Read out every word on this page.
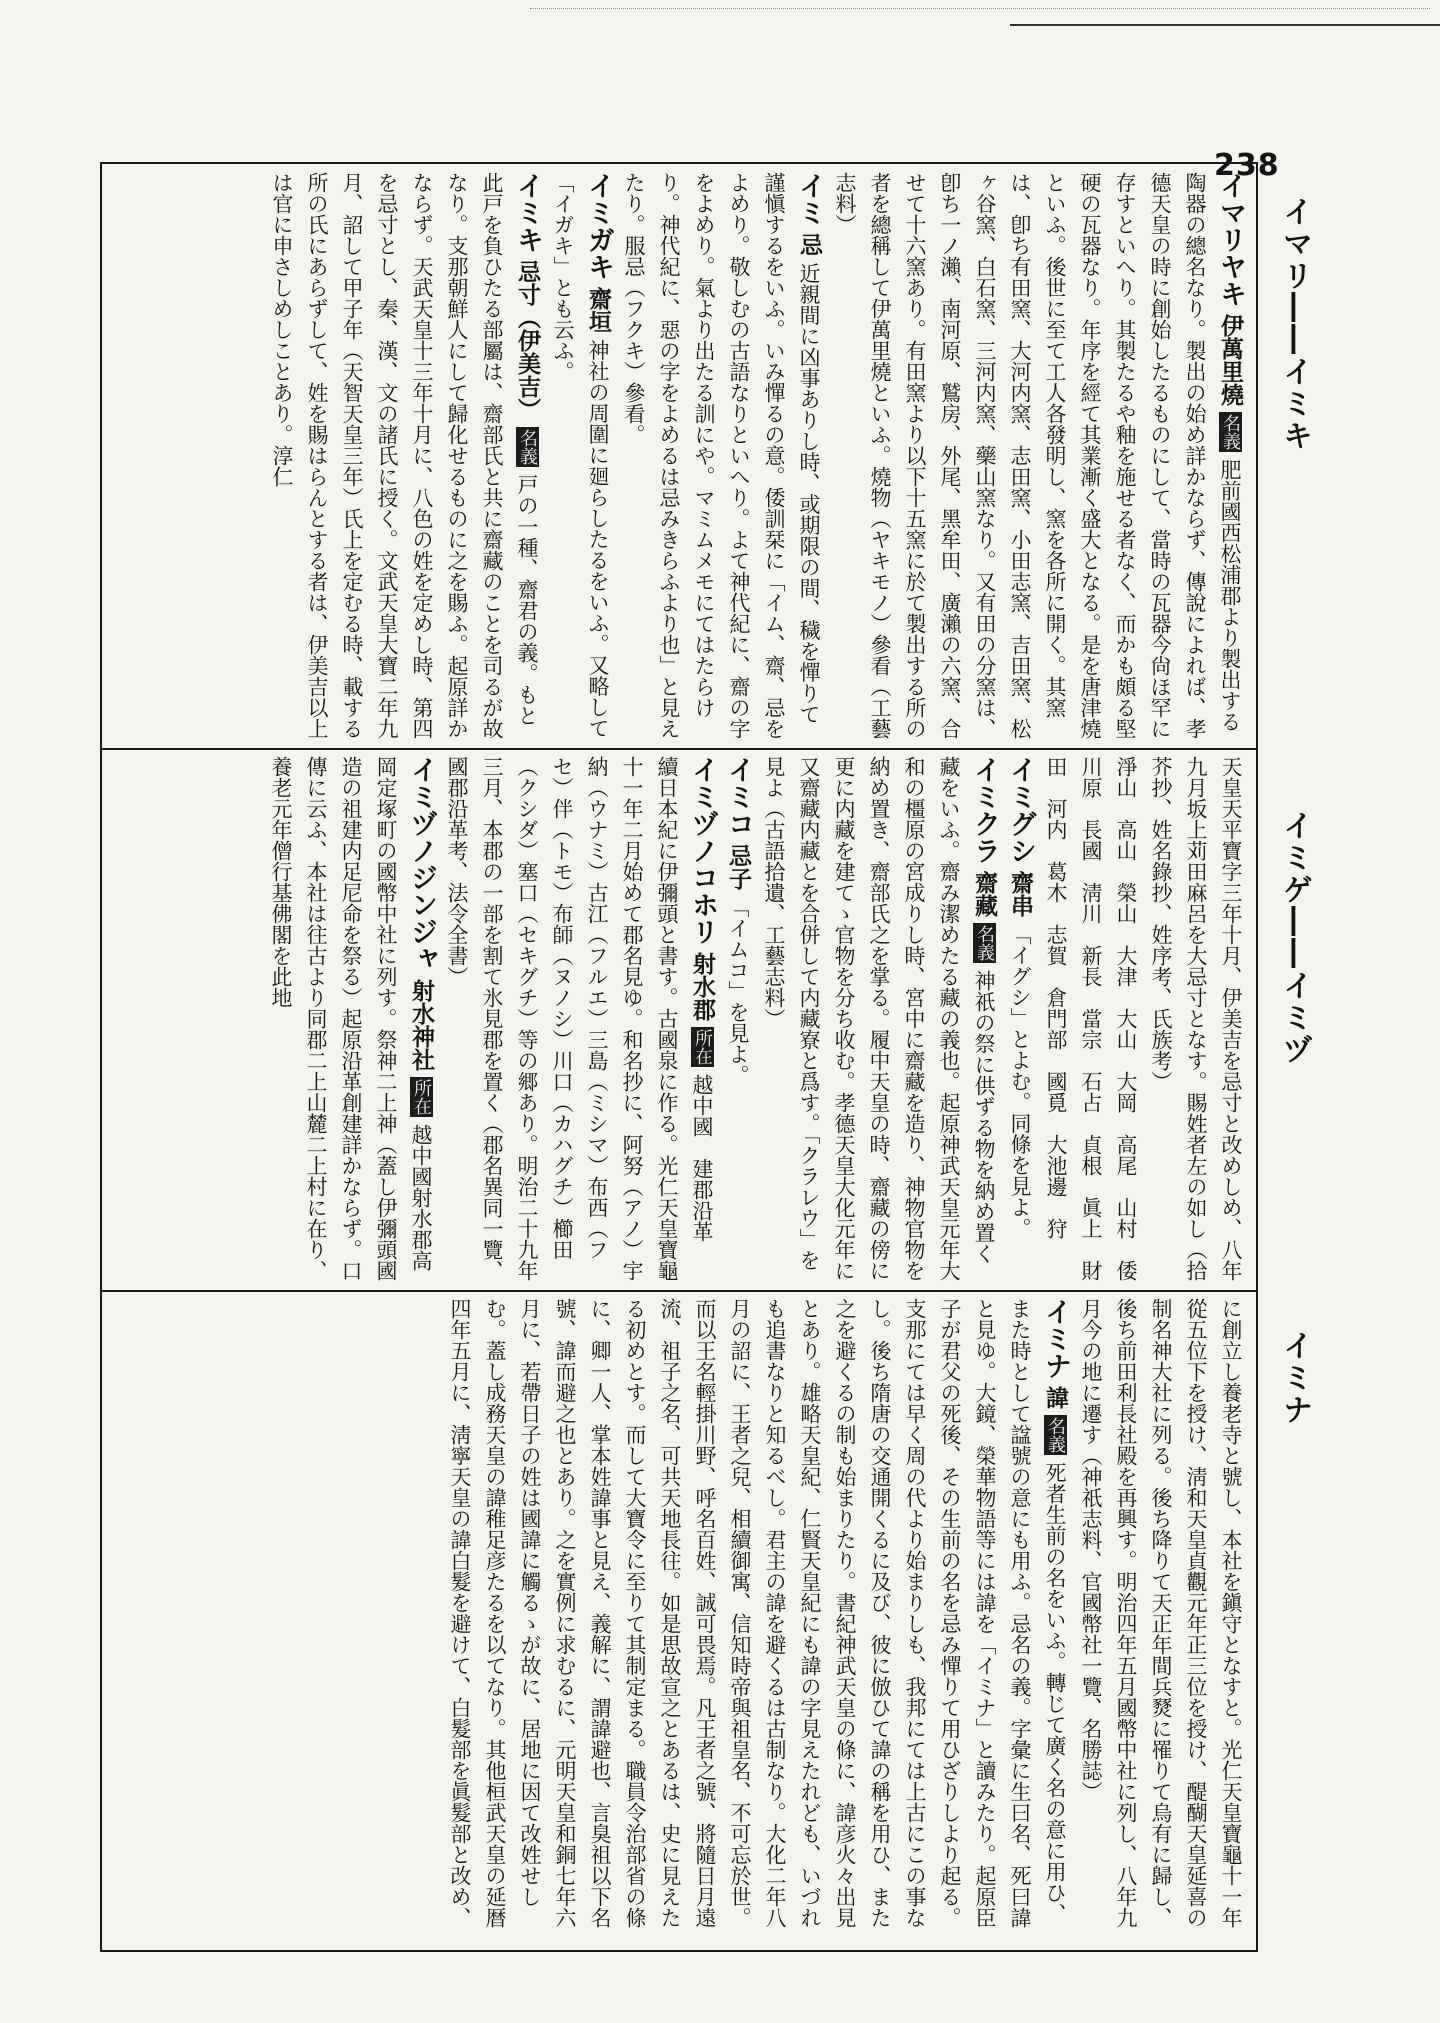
238
イマリ――イミキ
イミゲ――イミヅ
イミナ
イマリヤキ 伊萬里燒 名義 肥前國西松浦郡より製出する陶器の總名なり。製出の始め詳かならず、傳說によれば、孝德天皇の時に創始したるものにして、當時の瓦器今尙ほ罕に存すといへり。其製たるや釉を施せる者なく、而かも頗る堅硬の瓦器なり。年序を經て其業漸く盛大となる。是を唐津燒といふ。後世に至て工人各發明し、窯を各所に開く。其窯は、卽ち有田窯、大河内窯、志田窯、小田志窯、吉田窯、松ヶ谷窯、白石窯、三河内窯、藥山窯なり。又有田の分窯は、卽ち一ノ瀨、南河原、鷲房、外尾、黑牟田、廣瀨の六窯、合せて十六窯あり。有田窯より以下十五窯に於て製出する所の者を總稱して伊萬里燒といふ。燒物（ヤキモノ）參看（工藝志料）
イミ 忌 近親間に凶事ありし時、或期限の間、穢を憚りて謹愼するをいふ。いみ憚るの意。倭訓栞に「イム、齋、忌をよめり。敬しむの古語なりといへり。よて神代紀に、齋の字をよめり。氣より出たる訓にや。マミムメモにてはたらけり。神代紀に、惡の字をよめるは忌みきらふより也」と見えたり。服忌（フクキ）參看。
イミガキ 齋垣 神社の周圍に廻らしたるをいふ。又略して「イガキ」とも云ふ。
イミキ 忌寸（伊美吉） 名義 戸の一種、齋君の義。もと此戸を負ひたる部屬は、齋部氏と共に齋藏のことを司るが故なり。支那朝鮮人にして歸化せるものに之を賜ふ。起原詳かならず。天武天皇十三年十月に、八色の姓を定めし時、第四を忌寸とし、秦、漢、文の諸氏に授く。文武天皇大寶二年九月、詔して甲子年（天智天皇三年）氏上を定むる時、載する所の氏にあらずして、姓を賜はらんとする者は、伊美吉以上は官に申さしめしことあり。淳仁
天皇天平寶字三年十月、伊美吉を忌寸と改めしめ、八年九月坂上苅田麻呂を大忌寸となす。賜姓者左の如し（拾芥抄、姓名錄抄、姓序考、氏族考）
淨山　高山　榮山　大津　大山　大岡　高尾　山村　倭川原　長國　淸川　新長　當宗　石占　貞根　眞上　財田　河内　葛木　志賀　倉門部　國覓　大池邊　狩
イミグシ 齋串 「イグシ」とよむ。同條を見よ。
イミクラ 齋藏 名義 神祇の祭に供ずる物を納め置く藏をいふ。齋み潔めたる藏の義也。起原神武天皇元年大和の橿原の宮成りし時、宮中に齋藏を造り、神物官物を納め置き、齋部氏之を掌る。履中天皇の時、齋藏の傍に更に内藏を建てゝ官物を分ち收む。孝德天皇大化元年に又齋藏内藏とを合併して内藏寮と爲す。「クラレウ」を見よ（古語拾遺、工藝志料）
イミコ 忌子 「イムコ」を見よ。
イミヅノコホリ 射水郡 所在 越中國　建郡沿革　續日本紀に伊彌頭と書す。古國泉に作る。光仁天皇寶龜十一年二月始めて郡名見ゆ。和名抄に、阿努（アノ）宇納（ウナミ）古江（フルエ）三島（ミシマ）布西（フセ）伴（トモ）布師（ヌノシ）川口（カハグチ）櫛田（クシダ）塞口（セキグチ）等の郷あり。明治二十九年三月、本郡の一部を割て氷見郡を置く（郡名異同一覽、國郡沿革考、法令全書）
イミヅノジンジャ 射水神社 所在 越中國射水郡高岡定塚町の國幣中社に列す。祭神二上神（蓋し伊彌頭國造の祖建内足尼命を祭る）起原沿革創建詳かならず。口傳に云ふ、本社は往古より同郡二上山麓二上村に在り、養老元年僧行基佛閣を此地
に創立し養老寺と號し、本社を鎭守となすと。光仁天皇寶龜十一年從五位下を授け、淸和天皇貞觀元年正三位を授け、醍醐天皇延喜の制名神大社に列る。後ち降りて天正年間兵燹に罹りて烏有に歸し、後ち前田利長社殿を再興す。明治四年五月國幣中社に列し、八年九月今の地に遷す（神祇志料、官國幣社一覽、名勝誌）
イミナ 諱 名義 死者生前の名をいふ。轉じて廣く名の意に用ひ、また時として諡號の意にも用ふ。忌名の義。字彙に生曰名、死曰諱と見ゆ。大鏡、榮華物語等には諱を「イミナ」と讀みたり。起原臣子が君父の死後、その生前の名を忌み憚りて用ひざりしより起る。支那にては早く周の代より始まりしも、我邦にては上古にこの事なし。後ち隋唐の交通開くるに及び、彼に倣ひて諱の稱を用ひ、また之を避くるの制も始まりたり。書紀神武天皇の條に、諱彦火々出見とあり。雄略天皇紀、仁賢天皇紀にも諱の字見えたれども、いづれも追書なりと知るべし。君主の諱を避くるは古制なり。大化二年八月の詔に、王者之兒、相續御寓、信知時帝與祖皇名、不可忘於世。而以王名輕掛川野、呼名百姓、誠可畏焉。凡王者之號、將隨日月遠流、祖子之名、可共天地長往。如是思故宣之とあるは、史に見えたる初めとす。而して大寶令に至りて其制定まる。職員令治部省の條に、卿一人、掌本姓諱事と見え、義解に、謂諱避也、言臭祖以下名號、諱而避之也とあり。之を實例に求むるに、元明天皇和銅七年六月に、若帶日子の姓は國諱に觸るゝが故に、居地に因て改姓せしむ。蓋し成務天皇の諱稚足彦たるを以てなり。其他桓武天皇の延暦四年五月に、淸寧天皇の諱白髮を避けて、白髮部を眞髮部と改め、
